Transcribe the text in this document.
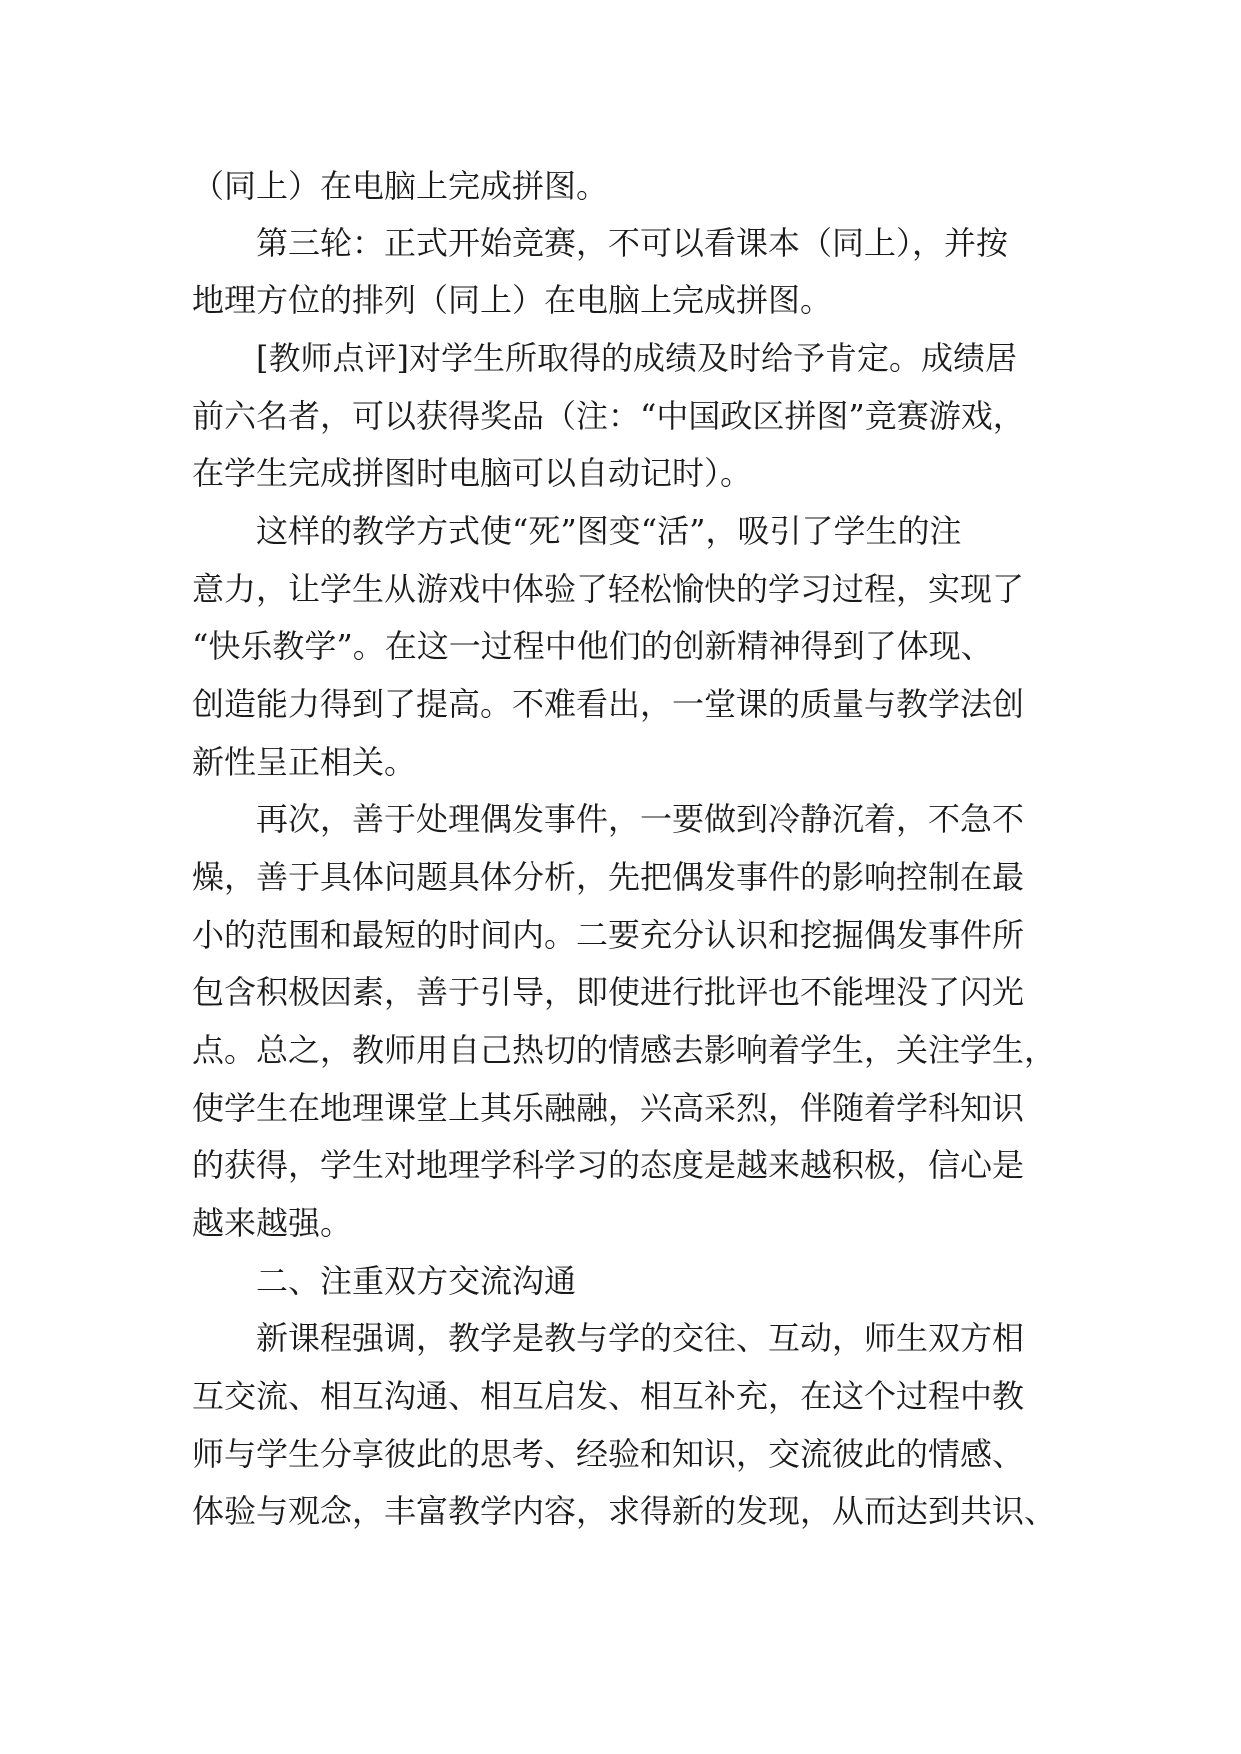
（同上）在电脑上完成拼图。
第三轮：正式开始竞赛，不可以看课本（同上），并按
地理方位的排列（同上）在电脑上完成拼图。
[教师点评]对学生所取得的成绩及时给予肯定。成绩居
前六名者，可以获得奖品（注：“中国政区拼图”竞赛游戏，
在学生完成拼图时电脑可以自动记时）。
这样的教学方式使“死”图变“活”，吸引了学生的注
意力，让学生从游戏中体验了轻松愉快的学习过程，实现了
“快乐教学”。在这一过程中他们的创新精神得到了体现、
创造能力得到了提高。不难看出，一堂课的质量与教学法创
新性呈正相关。
再次，善于处理偶发事件，一要做到冷静沉着，不急不
燥，善于具体问题具体分析，先把偶发事件的影响控制在最
小的范围和最短的时间内。二要充分认识和挖掘偶发事件所
包含积极因素，善于引导，即使进行批评也不能埋没了闪光
点。总之，教师用自己热切的情感去影响着学生，关注学生，
使学生在地理课堂上其乐融融，兴高采烈，伴随着学科知识
的获得，学生对地理学科学习的态度是越来越积极，信心是
越来越强。
二、注重双方交流沟通
新课程强调，教学是教与学的交往、互动，师生双方相
互交流、相互沟通、相互启发、相互补充，在这个过程中教
师与学生分享彼此的思考、经验和知识，交流彼此的情感、
体验与观念，丰富教学内容，求得新的发现，从而达到共识、
